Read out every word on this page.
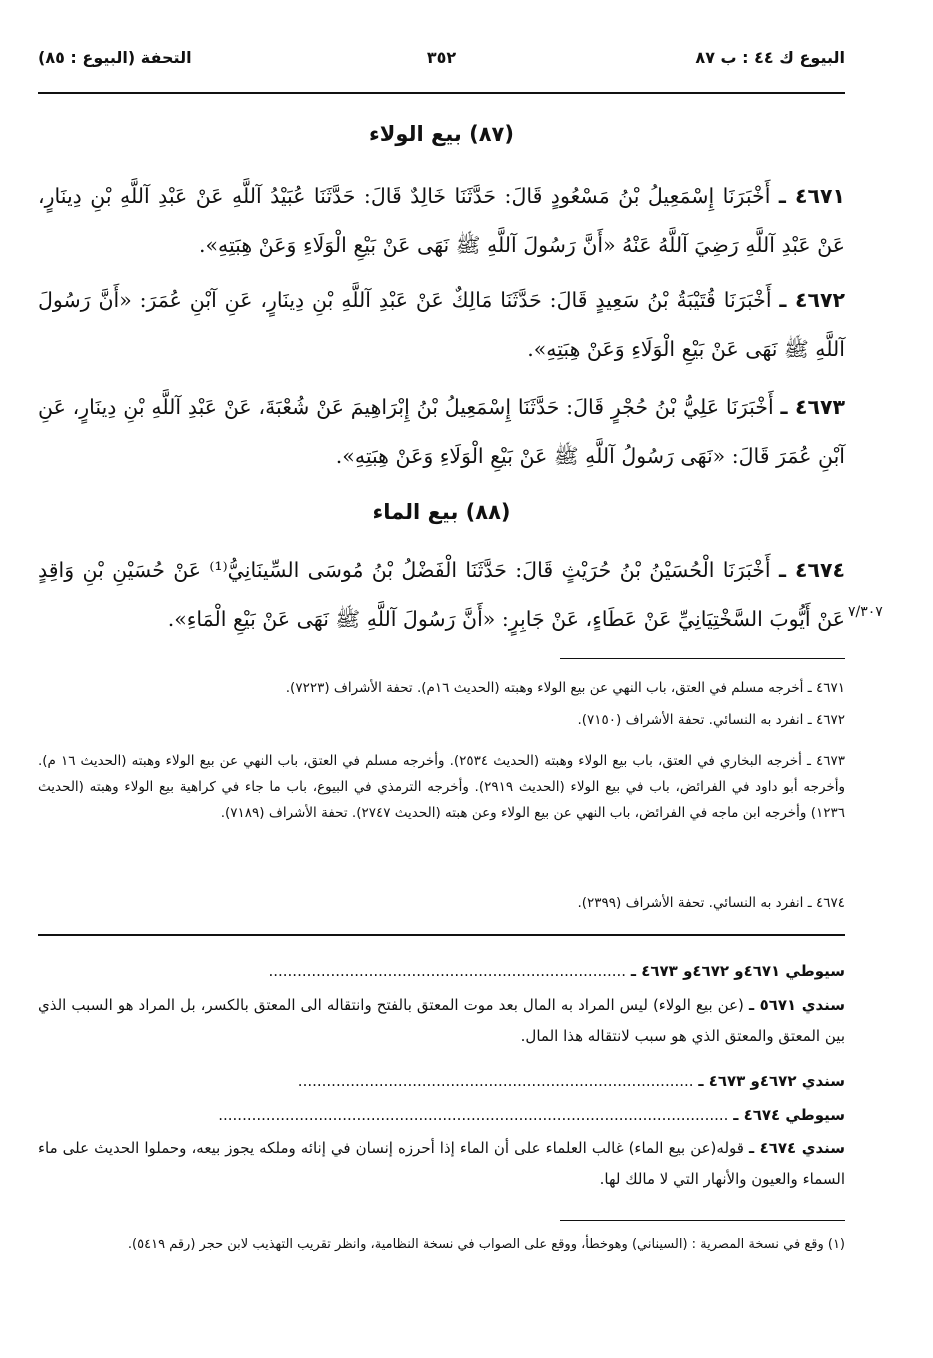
البيوع ك ٤٤ : ب ٨٧
٣٥٢
التحفة (البيوع : ٨٥)
(٨٧) بيع الولاء
٤٦٧١ ـ أَخْبَرَنَا إِسْمَعِيلُ بْنُ مَسْعُودٍ قَالَ: حَدَّثَنَا خَالِدٌ قَالَ: حَدَّثَنَا عُبَيْدُ آللَّهِ عَنْ عَبْدِ آللَّهِ بْنِ دِينَارٍ، عَنْ عَبْدِ آللَّهِ رَضِيَ آللَّهُ عَنْهُ «أَنَّ رَسُولَ آللَّهِ ﷺ نَهَى عَنْ بَيْعِ الْوَلَاءِ وَعَنْ هِبَتِهِ».
٤٦٧٢ ـ أَخْبَرَنَا قُتَيْبَةُ بْنُ سَعِيدٍ قَالَ: حَدَّثَنَا مَالِكٌ عَنْ عَبْدِ آللَّهِ بْنِ دِينَارٍ، عَنِ آبْنِ عُمَرَ: «أَنَّ رَسُولَ آللَّهِ ﷺ نَهَى عَنْ بَيْعِ الْوَلَاءِ وَعَنْ هِبَتِهِ».
٤٦٧٣ ـ أَخْبَرَنَا عَلِيُّ بْنُ حُجْرٍ قَالَ: حَدَّثَنَا إِسْمَعِيلُ بْنُ إِبْرَاهِيمَ عَنْ شُعْبَةَ، عَنْ عَبْدِ آللَّهِ بْنِ دِينَارٍ، عَنِ آبْنِ عُمَرَ قَالَ: «نَهَى رَسُولُ آللَّهِ ﷺ عَنْ بَيْعِ الْوَلَاءِ وَعَنْ هِبَتِهِ».
(٨٨) بيع الماء
٤٦٧٤ ـ أَخْبَرَنَا الْحُسَيْنُ بْنُ حُرَيْثٍ قَالَ: حَدَّثَنَا الْفَضْلُ بْنُ مُوسَى السِّينَانِيُّ⁽¹⁾ عَنْ حُسَيْنِ بْنِ وَاقِدٍ عَنْ أَيُّوبَ السَّخْتِيَانِيِّ عَنْ عَطَاءٍ، عَنْ جَابِرٍ: «أَنَّ رَسُولَ آللَّهِ ﷺ نَهَى عَنْ بَيْعِ الْمَاءِ».
٤٦٧١ ـ أخرجه مسلم في العتق، باب النهي عن بيع الولاء وهبته (الحديث ١٦م). تحفة الأشراف (٧٢٢٣).
٤٦٧٢ ـ انفرد به النسائي. تحفة الأشراف (٧١٥٠).
٤٦٧٣ ـ أخرجه البخاري في العتق، باب بيع الولاء وهبته (الحديث ٢٥٣٤). وأخرجه مسلم في العتق، باب النهي عن بيع الولاء وهبته (الحديث ١٦ م). وأخرجه أبو داود في الفرائض، باب في بيع الولاء (الحديث ٢٩١٩). وأخرجه الترمذي في البيوع، باب ما جاء في كراهية بيع الولاء وهبته (الحديث ١٢٣٦) وأخرجه ابن ماجه في الفرائض، باب النهي عن بيع الولاء وعن هبته (الحديث ٢٧٤٧). تحفة الأشراف (٧١٨٩).
٤٦٧٤ ـ انفرد به النسائي. تحفة الأشراف (٢٣٩٩).
سيوطي ٤٦٧١و ٤٦٧٢و ٤٦٧٣ ـ ...........................................................................
سندي ٥٦٧١ ـ (عن بيع الولاء) ليس المراد به المال بعد موت المعتق بالفتح وانتقاله الى المعتق بالكسر، بل المراد هو السبب الذي بين المعتق والمعتق الذي هو سبب لانتقاله هذا المال.
سندي ٤٦٧٢و ٤٦٧٣ ـ ...................................................................................
سيوطي ٤٦٧٤ ـ ...........................................................................................................
سندي ٤٦٧٤ ـ قوله(عن بيع الماء) غالب العلماء على أن الماء إذا أحرزه إنسان في إنائه وملكه يجوز بيعه، وحملوا الحديث على ماء السماء والعيون والأنهار التي لا مالك لها.
(١) وقع في نسخة المصرية : (السيناني) وهوخطأ، ووقع على الصواب في نسخة النظامية، وانظر تقريب التهذيب لابن حجر (رقم ٥٤١٩).
٧/٣٠٧
